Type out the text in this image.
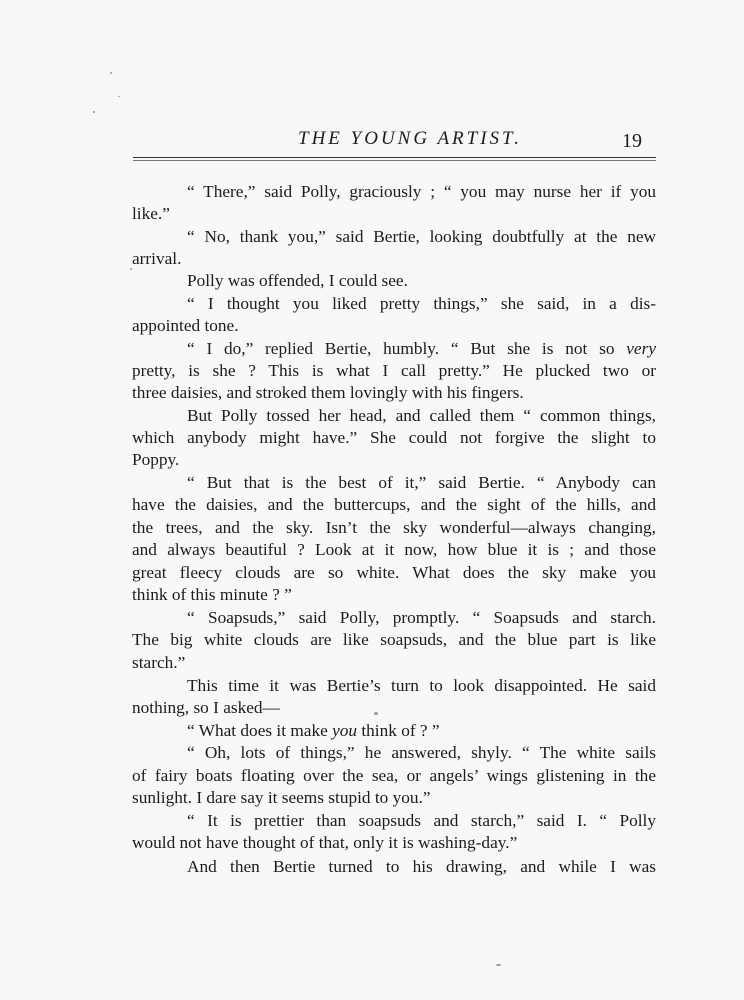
THE YOUNG ARTIST.	19
“ There,” said Polly, graciously ; “ you may nurse her if you
like.”
“ No, thank you,” said Bertie, looking doubtfully at the new
arrival.
Polly was offended, I could see.
“ I thought you liked pretty things,” she said, in a dis-
appointed tone.
“ I do,” replied Bertie, humbly. “ But she is not so very
pretty, is she ? This is what I call pretty.” He plucked two or
three daisies, and stroked them lovingly with his fingers.
But Polly tossed her head, and called them “ common things,
which anybody might have.” She could not forgive the slight to
Poppy.
“ But that is the best of it,” said Bertie. “ Anybody can
have the daisies, and the buttercups, and the sight of the hills, and
the trees, and the sky. Isn’t the sky wonderful—always changing,
and always beautiful ? Look at it now, how blue it is ; and those
great fleecy clouds are so white. What does the sky make you
think of this minute ? ”
“ Soapsuds,” said Polly, promptly. “ Soapsuds and starch.
The big white clouds are like soapsuds, and the blue part is like
starch.”
This time it was Bertie’s turn to look disappointed. He said
nothing, so I asked—
“ What does it make you think of ? ”
“ Oh, lots of things,” he answered, shyly. “ The white sails
of fairy boats floating over the sea, or angels’ wings glistening in the
sunlight. I dare say it seems stupid to you.”
“ It is prettier than soapsuds and starch,” said I. “ Polly
would not have thought of that, only it is washing-day.”
And then Bertie turned to his drawing, and while I was
